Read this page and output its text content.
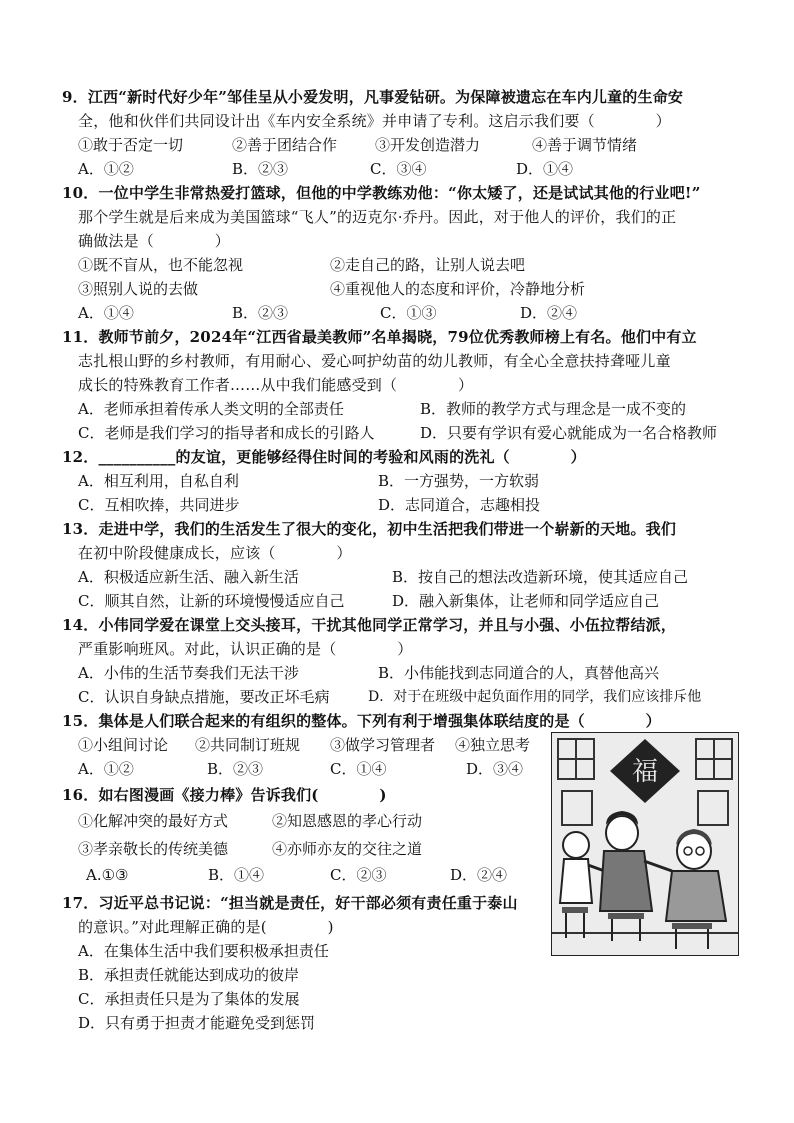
9．江西“新时代好少年”邹佳呈从小爱发明，凡事爱钻研。为保障被遗忘在车内儿童的生命安
全，他和伙伴们共同设计出《车内安全系统》并申请了专利。这启示我们要（　　　　）
①敢于否定一切	②善于团结合作	③开发创造潜力	④善于调节情绪
A．①②	B．②③	C．③④	D．①④
10．一位中学生非常热爱打篮球，但他的中学教练劝他：“你太矮了，还是试试其他的行业吧!”
那个学生就是后来成为美国篮球“飞人”的迈克尔·乔丹。因此，对于他人的评价，我们的正
确做法是（　　　　）
①既不盲从，也不能忽视	②走自己的路，让别人说去吧
③照别人说的去做	④重视他人的态度和评价，冷静地分析
A．①④	B．②③	C．①③	D．②④
11．教师节前夕，2024年“江西省最美教师”名单揭晓，79位优秀教师榜上有名。他们中有立
志扎根山野的乡村教师，有用耐心、爱心呵护幼苗的幼儿教师，有全心全意扶持聋哑儿童
成长的特殊教育工作者……从中我们能感受到（　　　　）
A．老师承担着传承人类文明的全部责任	B．教师的教学方式与理念是一成不变的
C．老师是我们学习的指导者和成长的引路人	D．只要有学识有爱心就能成为一名合格教师
12．__________的友谊，更能够经得住时间的考验和风雨的洗礼（　　　　）
A．相互利用，自私自利	B．一方强势，一方软弱
C．互相吹捧，共同进步	D．志同道合，志趣相投
13．走进中学，我们的生活发生了很大的变化，初中生活把我们带进一个崭新的天地。我们
在初中阶段健康成长，应该（　　　　）
A．积极适应新生活、融入新生活	B．按自己的想法改造新环境，使其适应自己
C．顺其自然，让新的环境慢慢适应自己	D．融入新集体，让老师和同学适应自己
14．小伟同学爱在课堂上交头接耳，干扰其他同学正常学习，并且与小强、小伍拉帮结派，
严重影响班风。对此，认识正确的是（　　　　）
A．小伟的生活节奏我们无法干涉	B．小伟能找到志同道合的人，真替他高兴
C．认识自身缺点措施，要改正坏毛病	D．对于在班级中起负面作用的同学，我们应该排斥他
15．集体是人们联合起来的有组织的整体。下列有利于增强集体联结度的是（　　　　）
①小组间讨论 ②共同制订班规 ③做学习管理者 ④独立思考
A．①②	B．②③	C．①④	D．③④
16．如右图漫画《接力棒》告诉我们(　　　　)
①化解冲突的最好方式	②知恩感恩的孝心行动
③孝亲敬长的传统美德	④亦师亦友的交往之道
A.①③	B．①④	C．②③	D．②④
17．习近平总书记说：“担当就是责任，好干部必须有责任重于泰山
的意识。”对此理解正确的是(　　　　)
A．在集体生活中我们要积极承担责任
B．承担责任就能达到成功的彼岸
C．承担责任只是为了集体的发展
D．只有勇于担责才能避免受到惩罚
福
